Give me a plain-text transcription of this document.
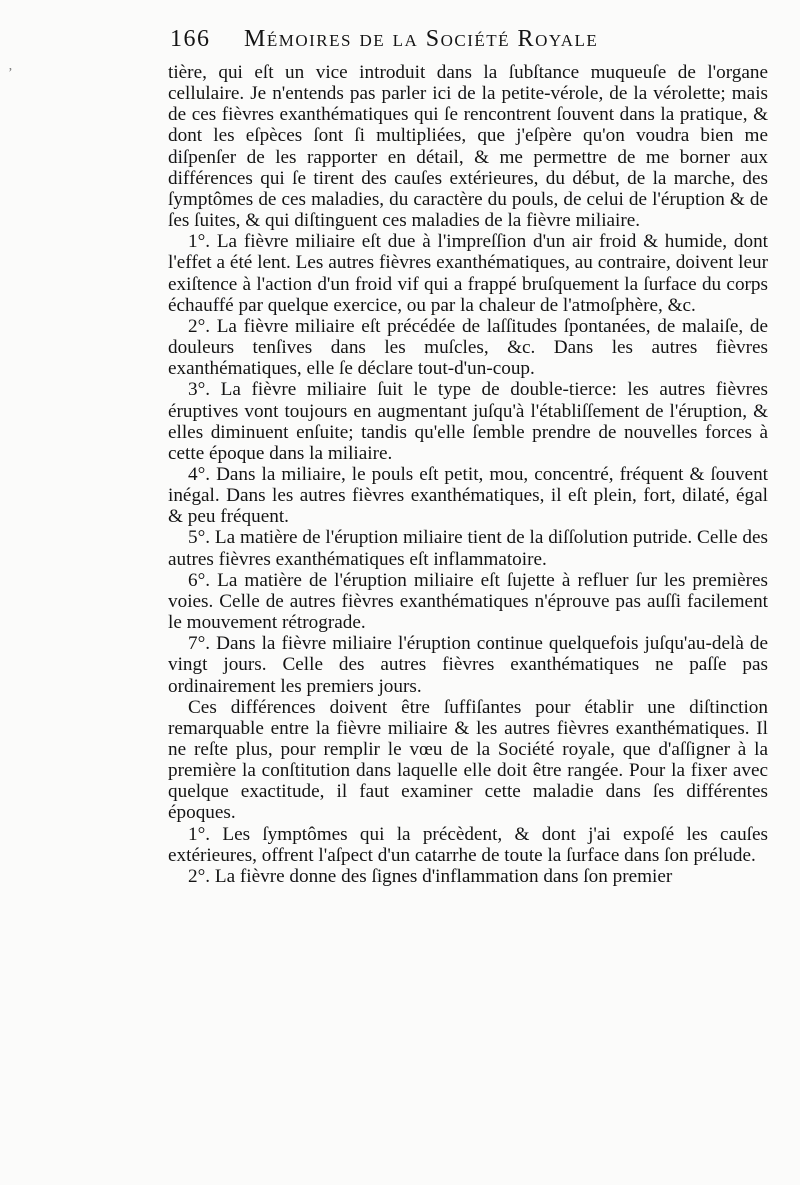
166 Mémoires de la Société Royale

tière, qui eſt un vice introduit dans la ſubſtance muqueuſe de l'organe cellulaire. Je n'entends pas parler ici de la petite-vérole, de la vérolette; mais de ces fièvres exanthématiques qui ſe rencontrent ſouvent dans la pratique, & dont les eſpèces ſont ſi multipliées, que j'eſpère qu'on voudra bien me diſpenſer de les rapporter en détail, & me permettre de me borner aux différences qui ſe tirent des cauſes extérieures, du début, de la marche, des ſymptômes de ces maladies, du caractère du pouls, de celui de l'éruption & de ſes ſuites, & qui diſtinguent ces maladies de la fièvre miliaire.

1°. La fièvre miliaire eſt due à l'impreſſion d'un air froid & humide, dont l'effet a été lent. Les autres fièvres exanthématiques, au contraire, doivent leur exiſtence à l'action d'un froid vif qui a frappé bruſquement la ſurface du corps échauffé par quelque exercice, ou par la chaleur de l'atmoſphère, &c.

2°. La fièvre miliaire eſt précédée de laſſitudes ſpontanées, de malaiſe, de douleurs tenſives dans les muſcles, &c. Dans les autres fièvres exanthématiques, elle ſe déclare tout-d'un-coup.

3°. La fièvre miliaire ſuit le type de double-tierce: les autres fièvres éruptives vont toujours en augmentant juſqu'à l'établiſſement de l'éruption, & elles diminuent enſuite; tandis qu'elle ſemble prendre de nouvelles forces à cette époque dans la miliaire.

4°. Dans la miliaire, le pouls eſt petit, mou, concentré, fréquent & ſouvent inégal. Dans les autres fièvres exanthématiques, il eſt plein, fort, dilaté, égal & peu fréquent.

5°. La matière de l'éruption miliaire tient de la diſſolution putride. Celle des autres fièvres exanthématiques eſt inflammatoire.

6°. La matière de l'éruption miliaire eſt ſujette à refluer ſur les premières voies. Celle de autres fièvres exanthématiques n'éprouve pas auſſi facilement le mouvement rétrograde.

7°. Dans la fièvre miliaire l'éruption continue quelquefois juſqu'au-delà de vingt jours. Celle des autres fièvres exanthématiques ne paſſe pas ordinairement les premiers jours.

Ces différences doivent être ſuffiſantes pour établir une diſtinction remarquable entre la fièvre miliaire & les autres fièvres exanthématiques. Il ne reſte plus, pour remplir le vœu de la Société royale, que d'aſſigner à la première la conſtitution dans laquelle elle doit être rangée. Pour la fixer avec quelque exactitude, il faut examiner cette maladie dans ſes différentes époques.

1°. Les ſymptômes qui la précèdent, & dont j'ai expoſé les cauſes extérieures, offrent l'aſpect d'un catarrhe de toute la ſurface dans ſon prélude.

2°. La fièvre donne des ſignes d'inflammation dans ſon premier

ʼ
